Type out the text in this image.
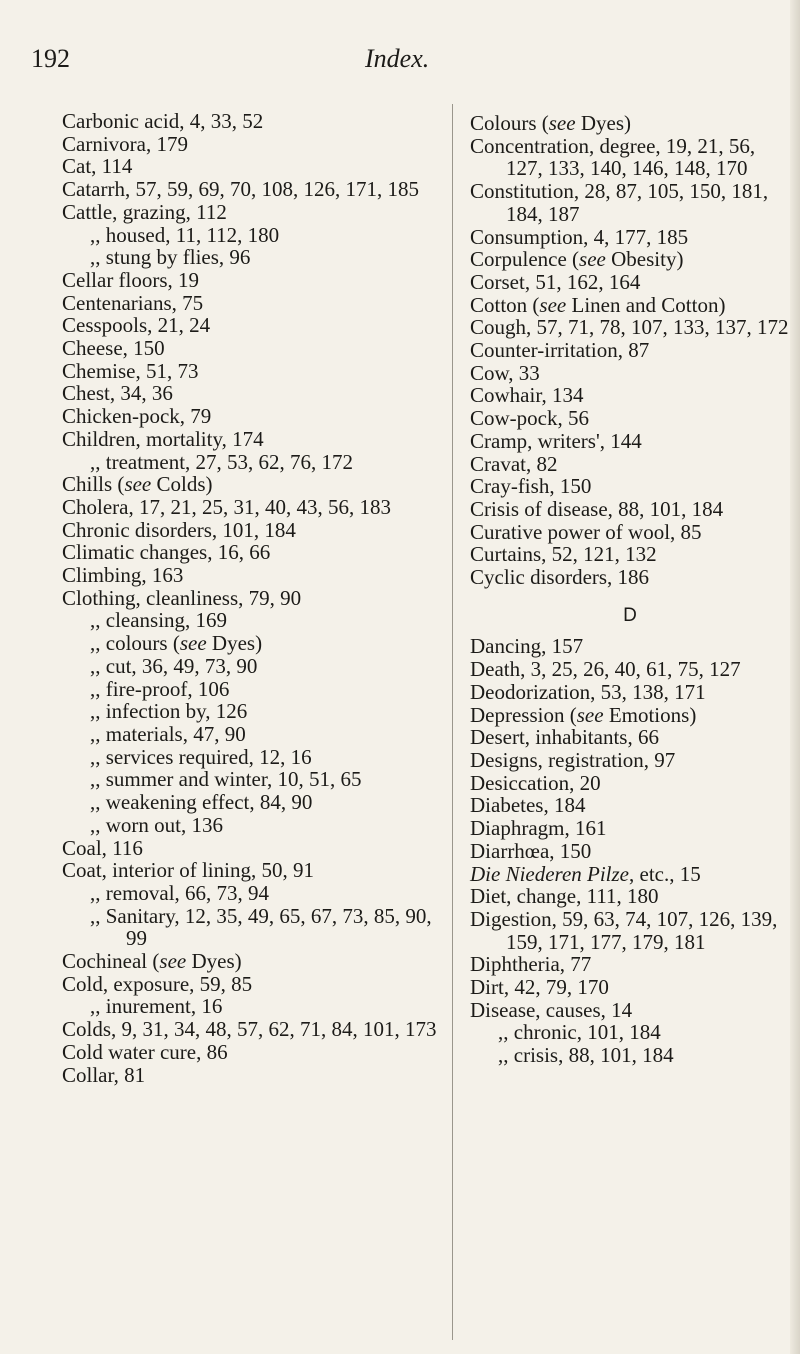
192	Index.

Carbonic acid, 4, 33, 52

Carnivora, 179

Cat, 114

Catarrh, 57, 59, 69, 70, 108, 126, 171, 185

Cattle, grazing, 112

,, housed, 11, 112, 180

,, stung by flies, 96

Cellar floors, 19

Centenarians, 75

Cesspools, 21, 24

Cheese, 150

Chemise, 51, 73

Chest, 34, 36

Chicken-pock, 79

Children, mortality, 174

,, treatment, 27, 53, 62, 76, 172

Chills (see Colds)

Cholera, 17, 21, 25, 31, 40, 43, 56, 183

Chronic disorders, 101, 184

Climatic changes, 16, 66

Climbing, 163

Clothing, cleanliness, 79, 90

,, cleansing, 169

,, colours (see Dyes)

,, cut, 36, 49, 73, 90

,, fire-proof, 106

,, infection by, 126

,, materials, 47, 90

,, services required, 12, 16

,, summer and winter, 10, 51, 65

,, weakening effect, 84, 90

,, worn out, 136

Coal, 116

Coat, interior of lining, 50, 91

,, removal, 66, 73, 94

,, Sanitary, 12, 35, 49, 65, 67, 73, 85, 90, 99

Cochineal (see Dyes)

Cold, exposure, 59, 85

,, inurement, 16

Colds, 9, 31, 34, 48, 57, 62, 71, 84, 101, 173

Cold water cure, 86

Collar, 81

Colours (see Dyes)

Concentration, degree, 19, 21, 56, 127, 133, 140, 146, 148, 170

Constitution, 28, 87, 105, 150, 181, 184, 187

Consumption, 4, 177, 185

Corpulence (see Obesity)

Corset, 51, 162, 164

Cotton (see Linen and Cotton)

Cough, 57, 71, 78, 107, 133, 137, 172

Counter-irritation, 87

Cow, 33

Cowhair, 134

Cow-pock, 56

Cramp, writers', 144

Cravat, 82

Cray-fish, 150

Crisis of disease, 88, 101, 184

Curative power of wool, 85

Curtains, 52, 121, 132

Cyclic disorders, 186

D

Dancing, 157

Death, 3, 25, 26, 40, 61, 75, 127

Deodorization, 53, 138, 171

Depression (see Emotions)

Desert, inhabitants, 66

Designs, registration, 97

Desiccation, 20

Diabetes, 184

Diaphragm, 161

Diarrhœa, 150

Die Niederen Pilze, etc., 15

Diet, change, 111, 180

Digestion, 59, 63, 74, 107, 126, 139, 159, 171, 177, 179, 181

Diphtheria, 77

Dirt, 42, 79, 170

Disease, causes, 14

,, chronic, 101, 184

,, crisis, 88, 101, 184
